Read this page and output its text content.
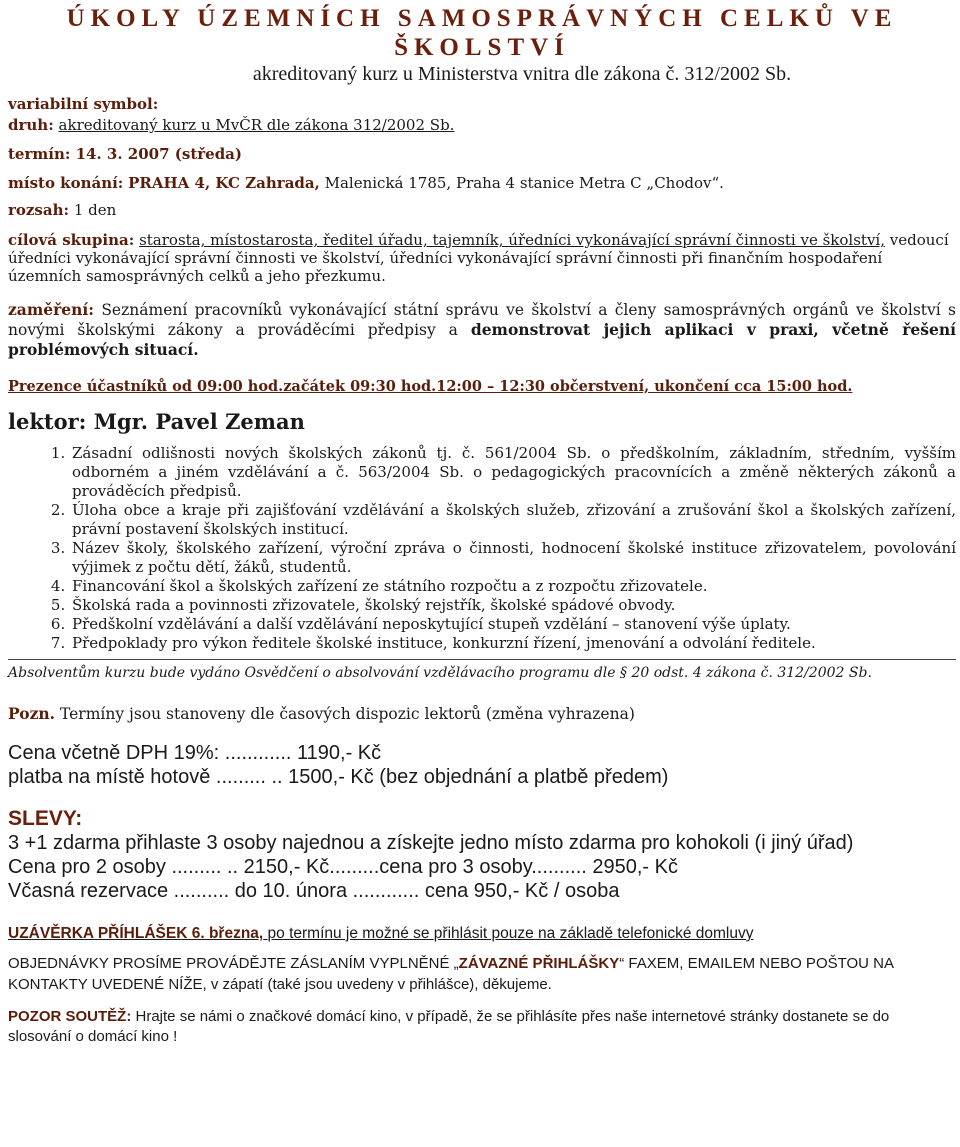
ÚKOLY ÚZEMNÍCH SAMOSPRÁVNÝCH CELKŮ VE
ŠKOLSTVÍ
akreditovaný kurz u Ministerstva vnitra dle zákona č. 312/2002 Sb.
variabilní symbol:
druh: akreditovaný kurz u MvČR dle zákona 312/2002 Sb.
termín: 14. 3. 2007 (středa)
místo konání: PRAHA 4, KC Zahrada, Malenická 1785, Praha 4 stanice Metra C „Chodov“.
rozsah: 1 den
cílová skupina: starosta, místostarosta, ředitel úřadu, tajemník, úředníci vykonávající správní činnosti ve školství, vedoucí úředníci vykonávající správní činnosti ve školství, úředníci vykonávající správní činnosti při finančním hospodaření územních samosprávných celků a jeho přezkumu.
zaměření: Seznámení pracovníků vykonávající státní správu ve školství a členy samosprávných orgánů ve školství s novými školskými zákony a prováděcími předpisy a demonstrovat jejich aplikaci v praxi, včetně řešení problémových situací.
Prezence účastníků od 09:00 hod.začátek 09:30 hod.12:00 – 12:30 občerstvení, ukončení cca 15:00 hod.
lektor: Mgr. Pavel Zeman
1. Zásadní odlišnosti nových školských zákonů tj. č. 561/2004 Sb. o předškolním, základním, středním, vyšším odborném a jiném vzdělávání a č. 563/2004 Sb. o pedagogických pracovnících a změně některých zákonů a prováděcích předpisů.
2. Úloha obce a kraje při zajišťování vzdělávání a školských služeb, zřizování a zrušování škol a školských zařízení, právní postavení školských institucí.
3. Název školy, školského zařízení, výroční zpráva o činnosti, hodnocení školské instituce zřizovatelem, povolování výjimek z počtu dětí, žáků, studentů.
4. Financování škol a školských zařízení ze státního rozpočtu a z rozpočtu zřizovatele.
5. Školská rada a povinnosti zřizovatele, školský rejstřík, školské spádové obvody.
6. Předškolní vzdělávání a další vzdělávání neposkytující stupeň vzdělání – stanovení výše úplaty.
7. Předpoklady pro výkon ředitele školské instituce, konkurzní řízení, jmenování a odvolání ředitele.
Absolventům kurzu bude vydáno Osvědčení o absolvování vzdělávacího programu dle § 20 odst. 4 zákona č. 312/2002 Sb.
Pozn. Termíny jsou stanoveny dle časových dispozic lektorů (změna vyhrazena)
Cena včetně DPH 19%: ............ 1190,- Kč
platba na místě hotově ......... .. 1500,- Kč (bez objednání a platbě předem)
SLEVY:
3 +1 zdarma přihlaste 3 osoby najednou a získejte jedno místo zdarma pro kohokoli (i jiný úřad)
Cena pro 2 osoby ......... .. 2150,- Kč.........cena pro 3 osoby.......... 2950,- Kč
Včasná rezervace .......... do 10. února ............ cena 950,- Kč / osoba
UZÁVĚRKA PŘÍHLÁŠEK 6. března, po termínu je možné se přihlásit pouze na základě telefonické domluvy
OBJEDNÁVKY PROSÍME PROVÁDĚJTE ZÁSLANÍM VYPLNĚNÉ „ZÁVAZNÉ PŘIHLÁŠKY“ FAXEM, EMAILEM NEBO POŠTOU NA KONTAKTY UVEDENÉ NÍŽE, v zápatí (také jsou uvedeny v přihlášce), děkujeme.
POZOR SOUTĚŽ: Hrajte se námi o značkové domácí kino, v případě, že se přihlásíte přes naše internetové stránky dostanete se do slosování o domácí kino !
